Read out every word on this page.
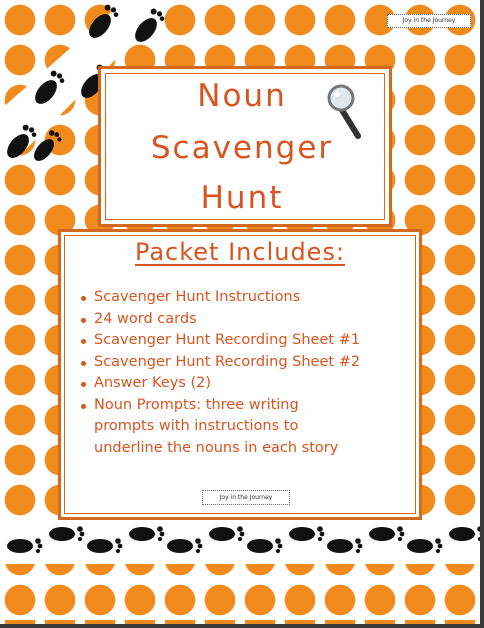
Joy in the Journey
Noun
Scavenger
Hunt
Packet Includes:
Scavenger Hunt Instructions
24 word cards
Scavenger Hunt Recording Sheet #1
Scavenger Hunt Recording Sheet #2
Answer Keys (2)
Noun Prompts: three writing
prompts with instructions to
underline the nouns in each story
Joy in the Journey
